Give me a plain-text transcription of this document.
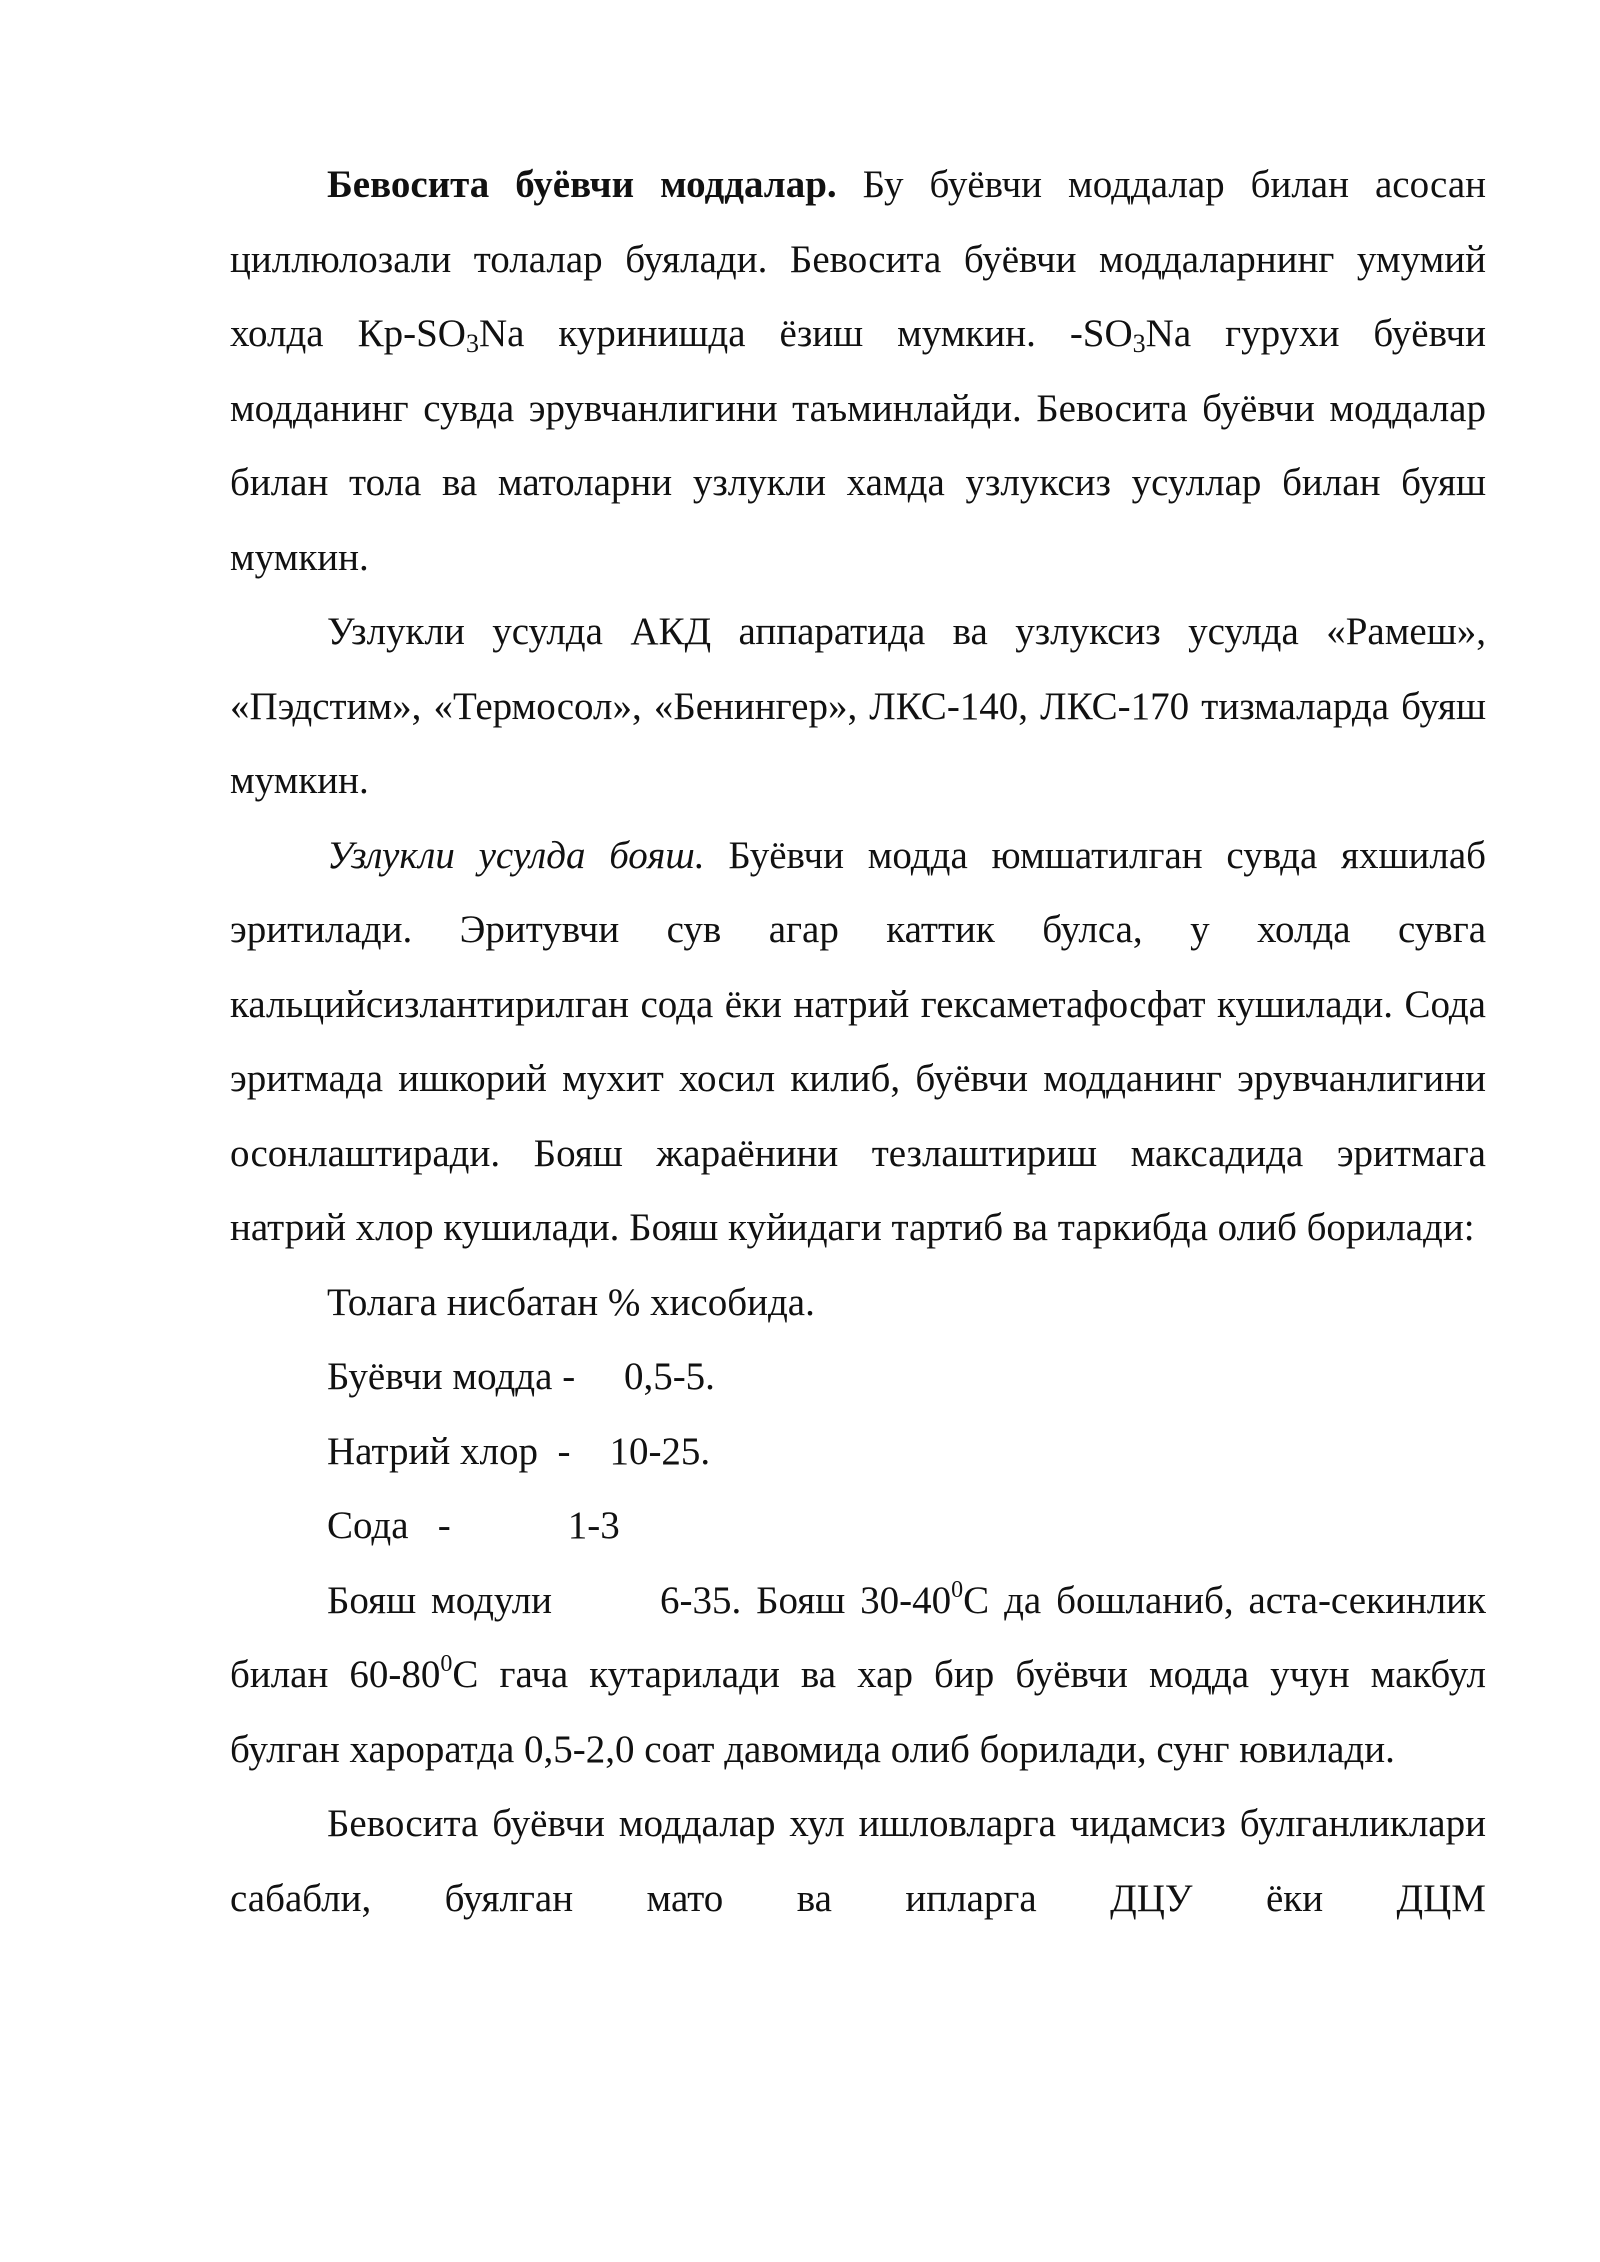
Бевосита буёвчи моддалар. Бу буёвчи моддалар билан асосан циллюлозали толалар буялади. Бевосита буёвчи моддаларнинг умумий холда $Кр-SO_3Na$ куринишда ёзиш мумкин. $-SO_3Na$ гурухи буёвчи модданинг сувда эрувчанлигини таъминлайди. Бевосита буёвчи моддалар билан тола ва матоларни узлукли хамда узлуксиз усуллар билан буяш мумкин.

Узлукли усулда АКД аппаратида ва узлуксиз усулда «Рамеш», «Пэдстим», «Термосол», «Бенингер», ЛКС-140, ЛКС-170 тизмаларда буяш мумкин.

Узлукли усулда бояш. Буёвчи модда юмшатилган сувда яхшилаб эритилади. Эритувчи сув агар каттик булса, у холда сувга кальцийсизлантирилган сода ёки натрий гексаметафосфат кушилади. Сода эритмада ишкорий мухит хосил килиб, буёвчи модданинг эрувчанлигини осонлаштиради. Бояш жараёнини тезлаштириш максадида эритмага натрий хлор кушилади. Бояш куйидаги тартиб ва таркибда олиб борилади:

Толага нисбатан % хисобида.

Буёвчи модда - 0,5-5.

Натрий хлор  - 10-25.

Сода   -	1-3

Бояш модули	6-35. Бояш $30-40^0С$ да бошланиб, аста-секинлик билан $60-80^0С$ гача кутарилади ва хар бир буёвчи модда учун макбул булган хароратда 0,5-2,0 соат давомида олиб борилади, сунг ювилади.

Бевосита буёвчи моддалар хул ишловларга чидамсиз булганликлари сабабли, буялган мато ва ипларга ДЦУ ёки ДЦМ
